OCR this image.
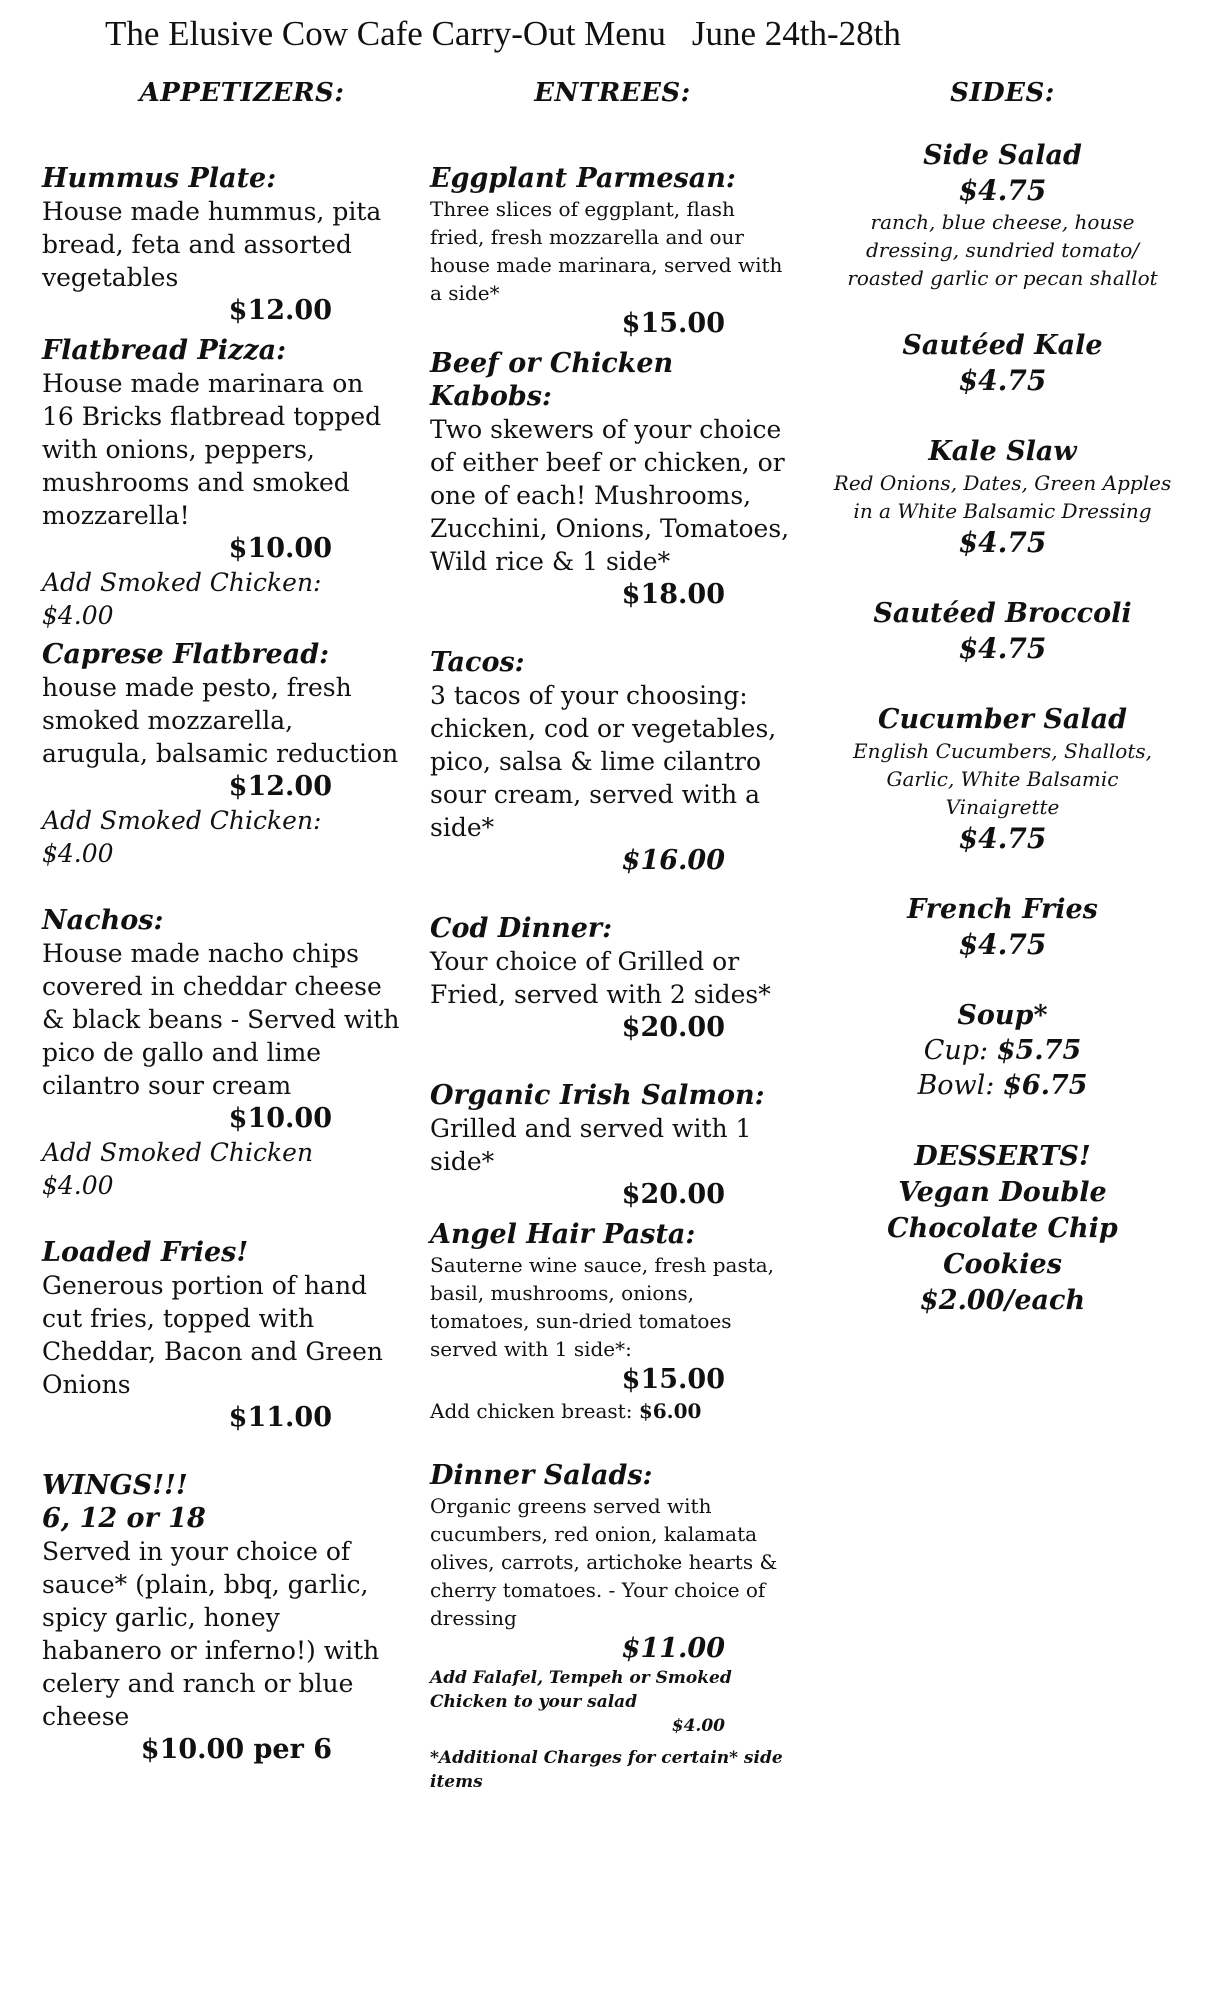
The Elusive Cow Cafe Carry-Out Menu June 24th-28th
APPETIZERS:
Hummus Plate:
House made hummus, pita bread, feta and assorted vegetables
$12.00
Flatbread Pizza:
House made marinara on 16 Bricks flatbread topped with onions, peppers, mushrooms and smoked mozzarella!
$10.00
Add Smoked Chicken:
$4.00
Caprese Flatbread:
house made pesto, fresh smoked mozzarella, arugula, balsamic reduction
$12.00
Add Smoked Chicken:
$4.00
Nachos:
House made nacho chips covered in cheddar cheese & black beans - Served with pico de gallo and lime cilantro sour cream
$10.00
Add Smoked Chicken
$4.00
Loaded Fries!
Generous portion of hand cut fries, topped with Cheddar, Bacon and Green Onions
$11.00
WINGS!!!
6, 12 or 18
Served in your choice of sauce* (plain, bbq, garlic, spicy garlic, honey habanero or inferno!) with celery and ranch or blue cheese
$10.00 per 6
ENTREES:
Eggplant Parmesan:
Three slices of eggplant, flash fried, fresh mozzarella and our house made marinara, served with a side*
$15.00
Beef or Chicken Kabobs:
Two skewers of your choice of either beef or chicken, or one of each! Mushrooms, Zucchini, Onions, Tomatoes, Wild rice & 1 side*
$18.00
Tacos:
3 tacos of your choosing: chicken, cod or vegetables, pico, salsa & lime cilantro sour cream, served with a side*
$16.00
Cod Dinner:
Your choice of Grilled or Fried, served with 2 sides*
$20.00
Organic Irish Salmon:
Grilled and served with 1 side*
$20.00
Angel Hair Pasta:
Sauterne wine sauce, fresh pasta, basil, mushrooms, onions, tomatoes, sun-dried tomatoes served with 1 side*:
$15.00
Add chicken breast: $6.00
Dinner Salads:
Organic greens served with cucumbers, red onion, kalamata olives, carrots, artichoke hearts & cherry tomatoes. - Your choice of dressing
$11.00
Add Falafel, Tempeh or Smoked Chicken to your salad
$4.00
*Additional Charges for certain* side items
SIDES:
Side Salad
$4.75
ranch, blue cheese, house dressing, sundried tomato/ roasted garlic or pecan shallot
Sautéed Kale
$4.75
Kale Slaw
Red Onions, Dates, Green Apples in a White Balsamic Dressing
$4.75
Sautéed Broccoli
$4.75
Cucumber Salad
English Cucumbers, Shallots, Garlic, White Balsamic Vinaigrette
$4.75
French Fries
$4.75
Soup*
Cup: $5.75
Bowl: $6.75
DESSERTS!
Vegan Double Chocolate Chip Cookies
$2.00/each
